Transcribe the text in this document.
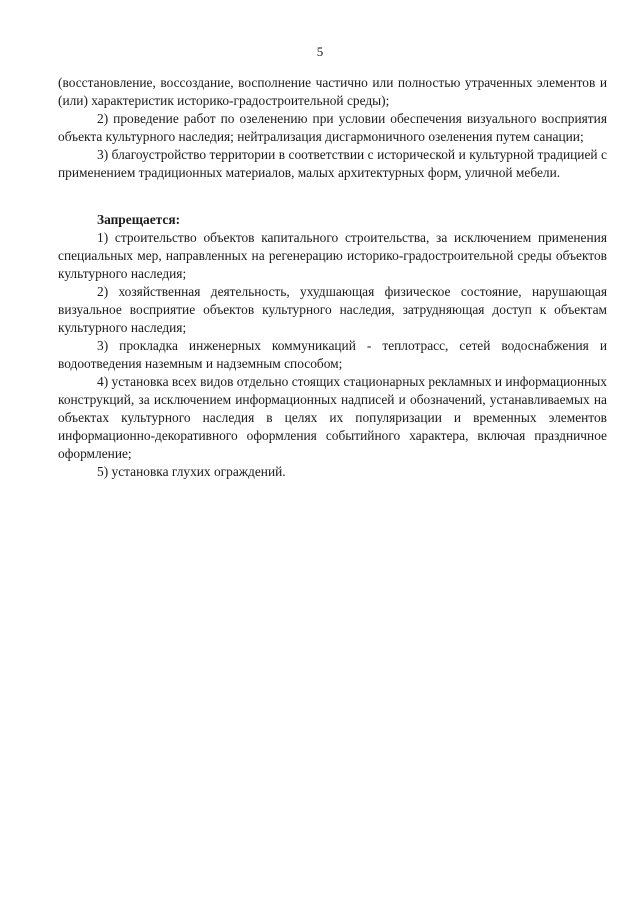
5

(восстановление, воссоздание, восполнение частично или полностью утраченных элементов и (или) характеристик историко-градостроительной среды);

2) проведение работ по озеленению при условии обеспечения визуального восприятия объекта культурного наследия; нейтрализация дисгармоничного озеленения путем санации;

3) благоустройство территории в соответствии с исторической и культурной традицией с применением традиционных материалов, малых архитектурных форм, уличной мебели.

Запрещается:

1) строительство объектов капитального строительства, за исключением применения специальных мер, направленных на регенерацию историко-градостроительной среды объектов культурного наследия;

2) хозяйственная деятельность, ухудшающая физическое состояние, нарушающая визуальное восприятие объектов культурного наследия, затрудняющая доступ к объектам культурного наследия;

3) прокладка инженерных коммуникаций - теплотрасс, сетей водоснабжения и водоотведения наземным и надземным способом;

4) установка всех видов отдельно стоящих стационарных рекламных и информационных конструкций, за исключением информационных надписей и обозначений, устанавливаемых на объектах культурного наследия в целях их популяризации и временных элементов информационно-декоративного оформления событийного характера, включая праздничное оформление;

5) установка глухих ограждений.
